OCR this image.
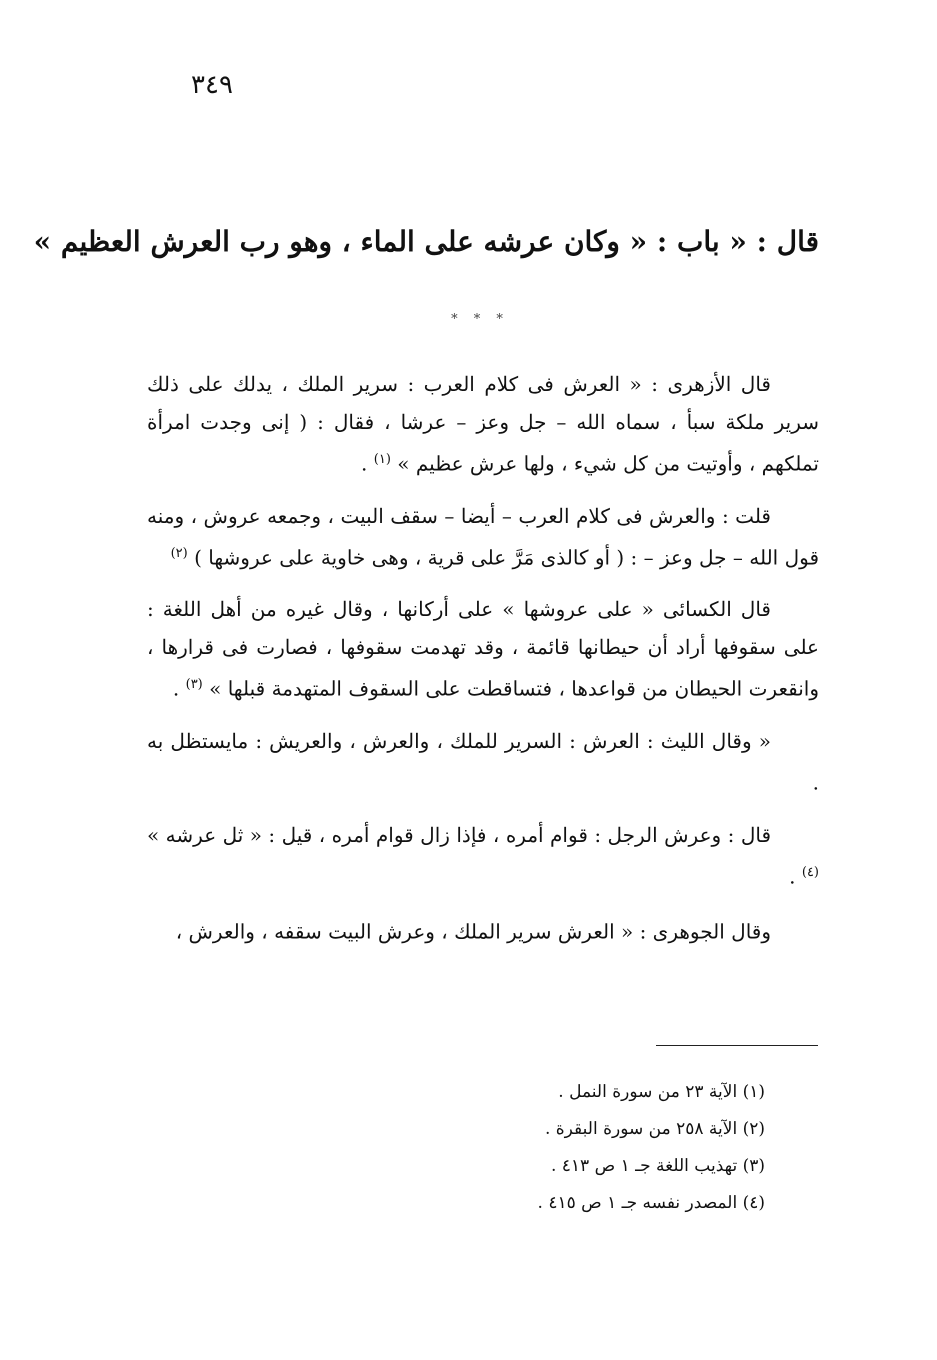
٣٤٩
قال : « باب : « وكان عرشه على الماء ، وهو رب العرش العظيم »
* * *

قال الأزهرى : « العرش فى كلام العرب : سرير الملك ، يدلك على ذلك سرير ملكة سبأ ، سماه الله – جل وعز – عرشا ، فقال : ( إنى وجدت امرأة تملكهم ، وأوتيت من كل شيء ، ولها عرش عظيم » $^{(١)}$ .

قلت : والعرش فى كلام العرب – أيضا – سقف البيت ، وجمعه عروش ، ومنه قول الله – جل وعز – : ( أو كالذى مَرَّ على قرية ، وهى خاوية على عروشها ) $^{(٢)}$

قال الكسائى « على عروشها » على أركانها ، وقال غيره من أهل اللغة : على سقوفها أراد أن حيطانها قائمة ، وقد تهدمت سقوفها ، فصارت فى قرارها ، وانقعرت الحيطان من قواعدها ، فتساقطت على السقوف المتهدمة قبلها » $^{(٣)}$ .

« وقال الليث : العرش : السرير للملك ، والعرش ، والعريش : مايستظل به .

قال : وعرش الرجل : قوام أمره ، فإذا زال قوام أمره ، قيل : « ثل عرشه » $^{(٤)}$ .

وقال الجوهرى : « العرش سرير الملك ، وعرش البيت سقفه ، والعرش ،

(١) الآية ٢٣ من سورة النمل .
(٢) الآية ٢٥٨ من سورة البقرة .
(٣) تهذيب اللغة جـ ١ ص ٤١٣ .
(٤) المصدر نفسه جـ ١ ص ٤١٥ .
